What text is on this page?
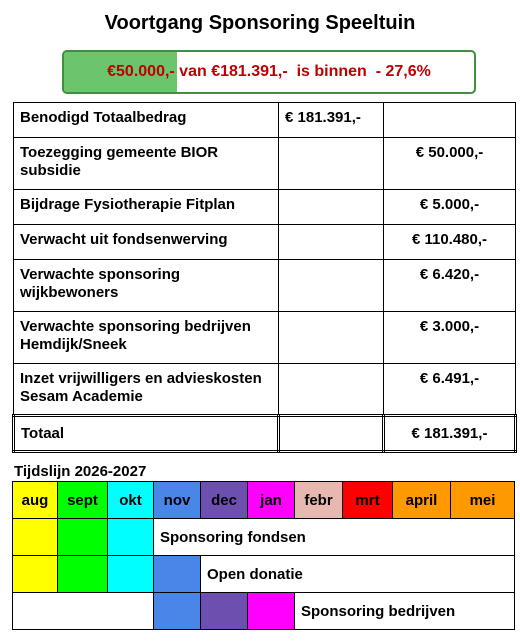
Voortgang Sponsoring Speeltuin
€50.000,- van €181.391,-  is binnen  - 27,6%
Benodigd Totaalbedrag	€ 181.391,-	
Toezegging gemeente BIOR subsidie		€ 50.000,-
Bijdrage Fysiotherapie Fitplan		€ 5.000,-
Verwacht uit fondsenwerving		€ 110.480,-
Verwachte sponsoring wijkbewoners		€ 6.420,-
Verwachte sponsoring bedrijven Hemdijk/Sneek		€ 3.000,-
Inzet vrijwilligers en advieskosten Sesam Academie		€ 6.491,-
Totaal		€ 181.391,-
Tijdslijn 2026-2027
aug	sept	okt	nov	dec	jan	febr	mrt	april	mei
			Sponsoring fondsen						
				Open donatie					
						Sponsoring bedrijven			
